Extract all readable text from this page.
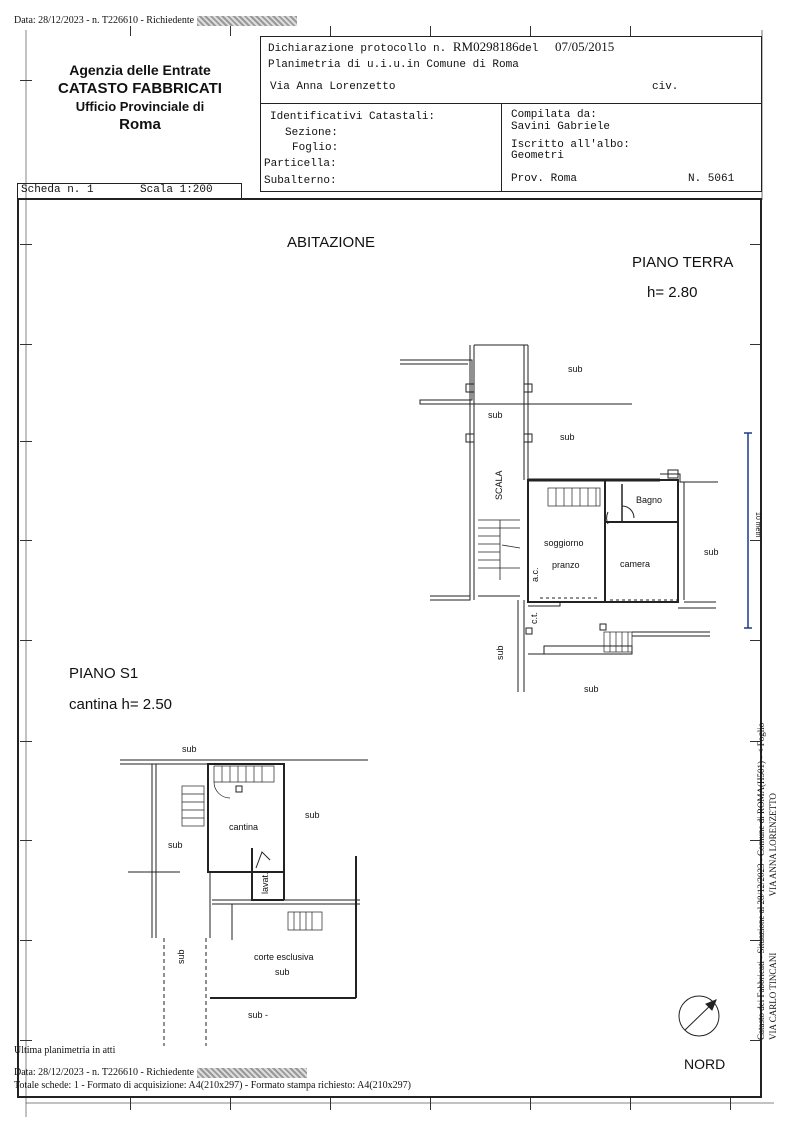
Data: 28/12/2023 - n. T226610 - Richiedente
Agenzia delle Entrate
CATASTO FABBRICATI
Ufficio Provinciale di
Roma
Dichiarazione protocollo n. RM0298186del 07/05/2015
Planimetria di u.i.u.in Comune di Roma
Via Anna Lorenzetto	civ.
Identificativi Catastali:
Sezione:
Foglio:
Particella:
Subalterno:
Compilata da:
Savini Gabriele
Iscritto all'albo:
Geometri
Prov. Roma	N. 5061
Scheda n. 1	Scala 1:200
ABITAZIONE
PIANO TERRA
h= 2.80
PIANO S1
cantina h= 2.50
sub
sub
sub
sub
sub
Bagno
soggiorno
pranzo	camera
sub
sub
sub
cantina
corte esclusiva
sub
sub -
SCALA
a.c.
c.t.
sub
lavat.
sub
10 metri
NORD
Catasto dei Fabbricati - Situazione al 28/12/2023 - Comune di ROMA(H501) - < Foglio VIA CARLO TINCANI VIA ANNA LORENZETTO
Ultima planimetria in atti
Data: 28/12/2023 - n. T226610 - Richiedente
Totale schede: 1 - Formato di acquisizione: A4(210x297) - Formato stampa richiesto: A4(210x297)
